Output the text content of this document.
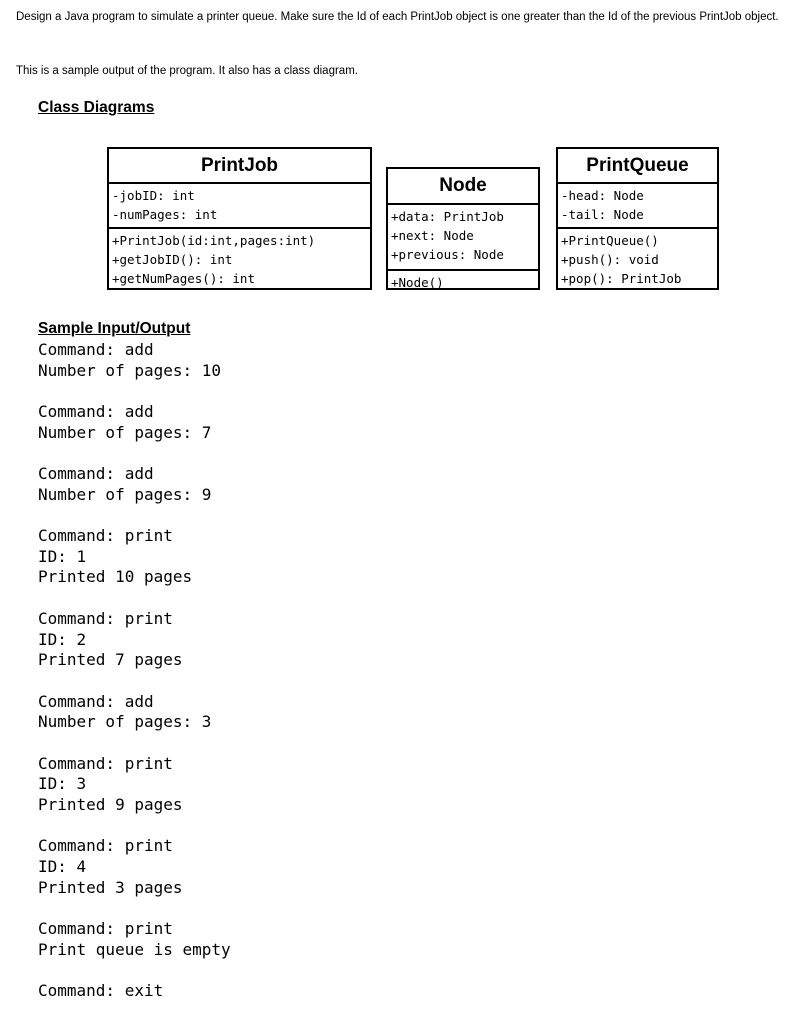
Design a Java program to simulate a printer queue. Make sure the Id of each PrintJob object is one greater than the Id of the previous PrintJob object.

This is a sample output of the program. It also has a class diagram.

Class Diagrams
PrintJob
-jobID: int
-numPages: int
+PrintJob(id:int,pages:int)
+getJobID(): int
+getNumPages(): int
Node
+data: PrintJob
+next: Node
+previous: Node
+Node()
PrintQueue
-head: Node
-tail: Node
+PrintQueue()
+push(): void
+pop(): PrintJob
Sample Input/Output
Command: add
Number of pages: 10
Command: add
Number of pages: 7
Command: add
Number of pages: 9
Command: print
ID: 1
Printed 10 pages
Command: print
ID: 2
Printed 7 pages
Command: add
Number of pages: 3
Command: print
ID: 3
Printed 9 pages
Command: print
ID: 4
Printed 3 pages
Command: print
Print queue is empty
Command: exit
